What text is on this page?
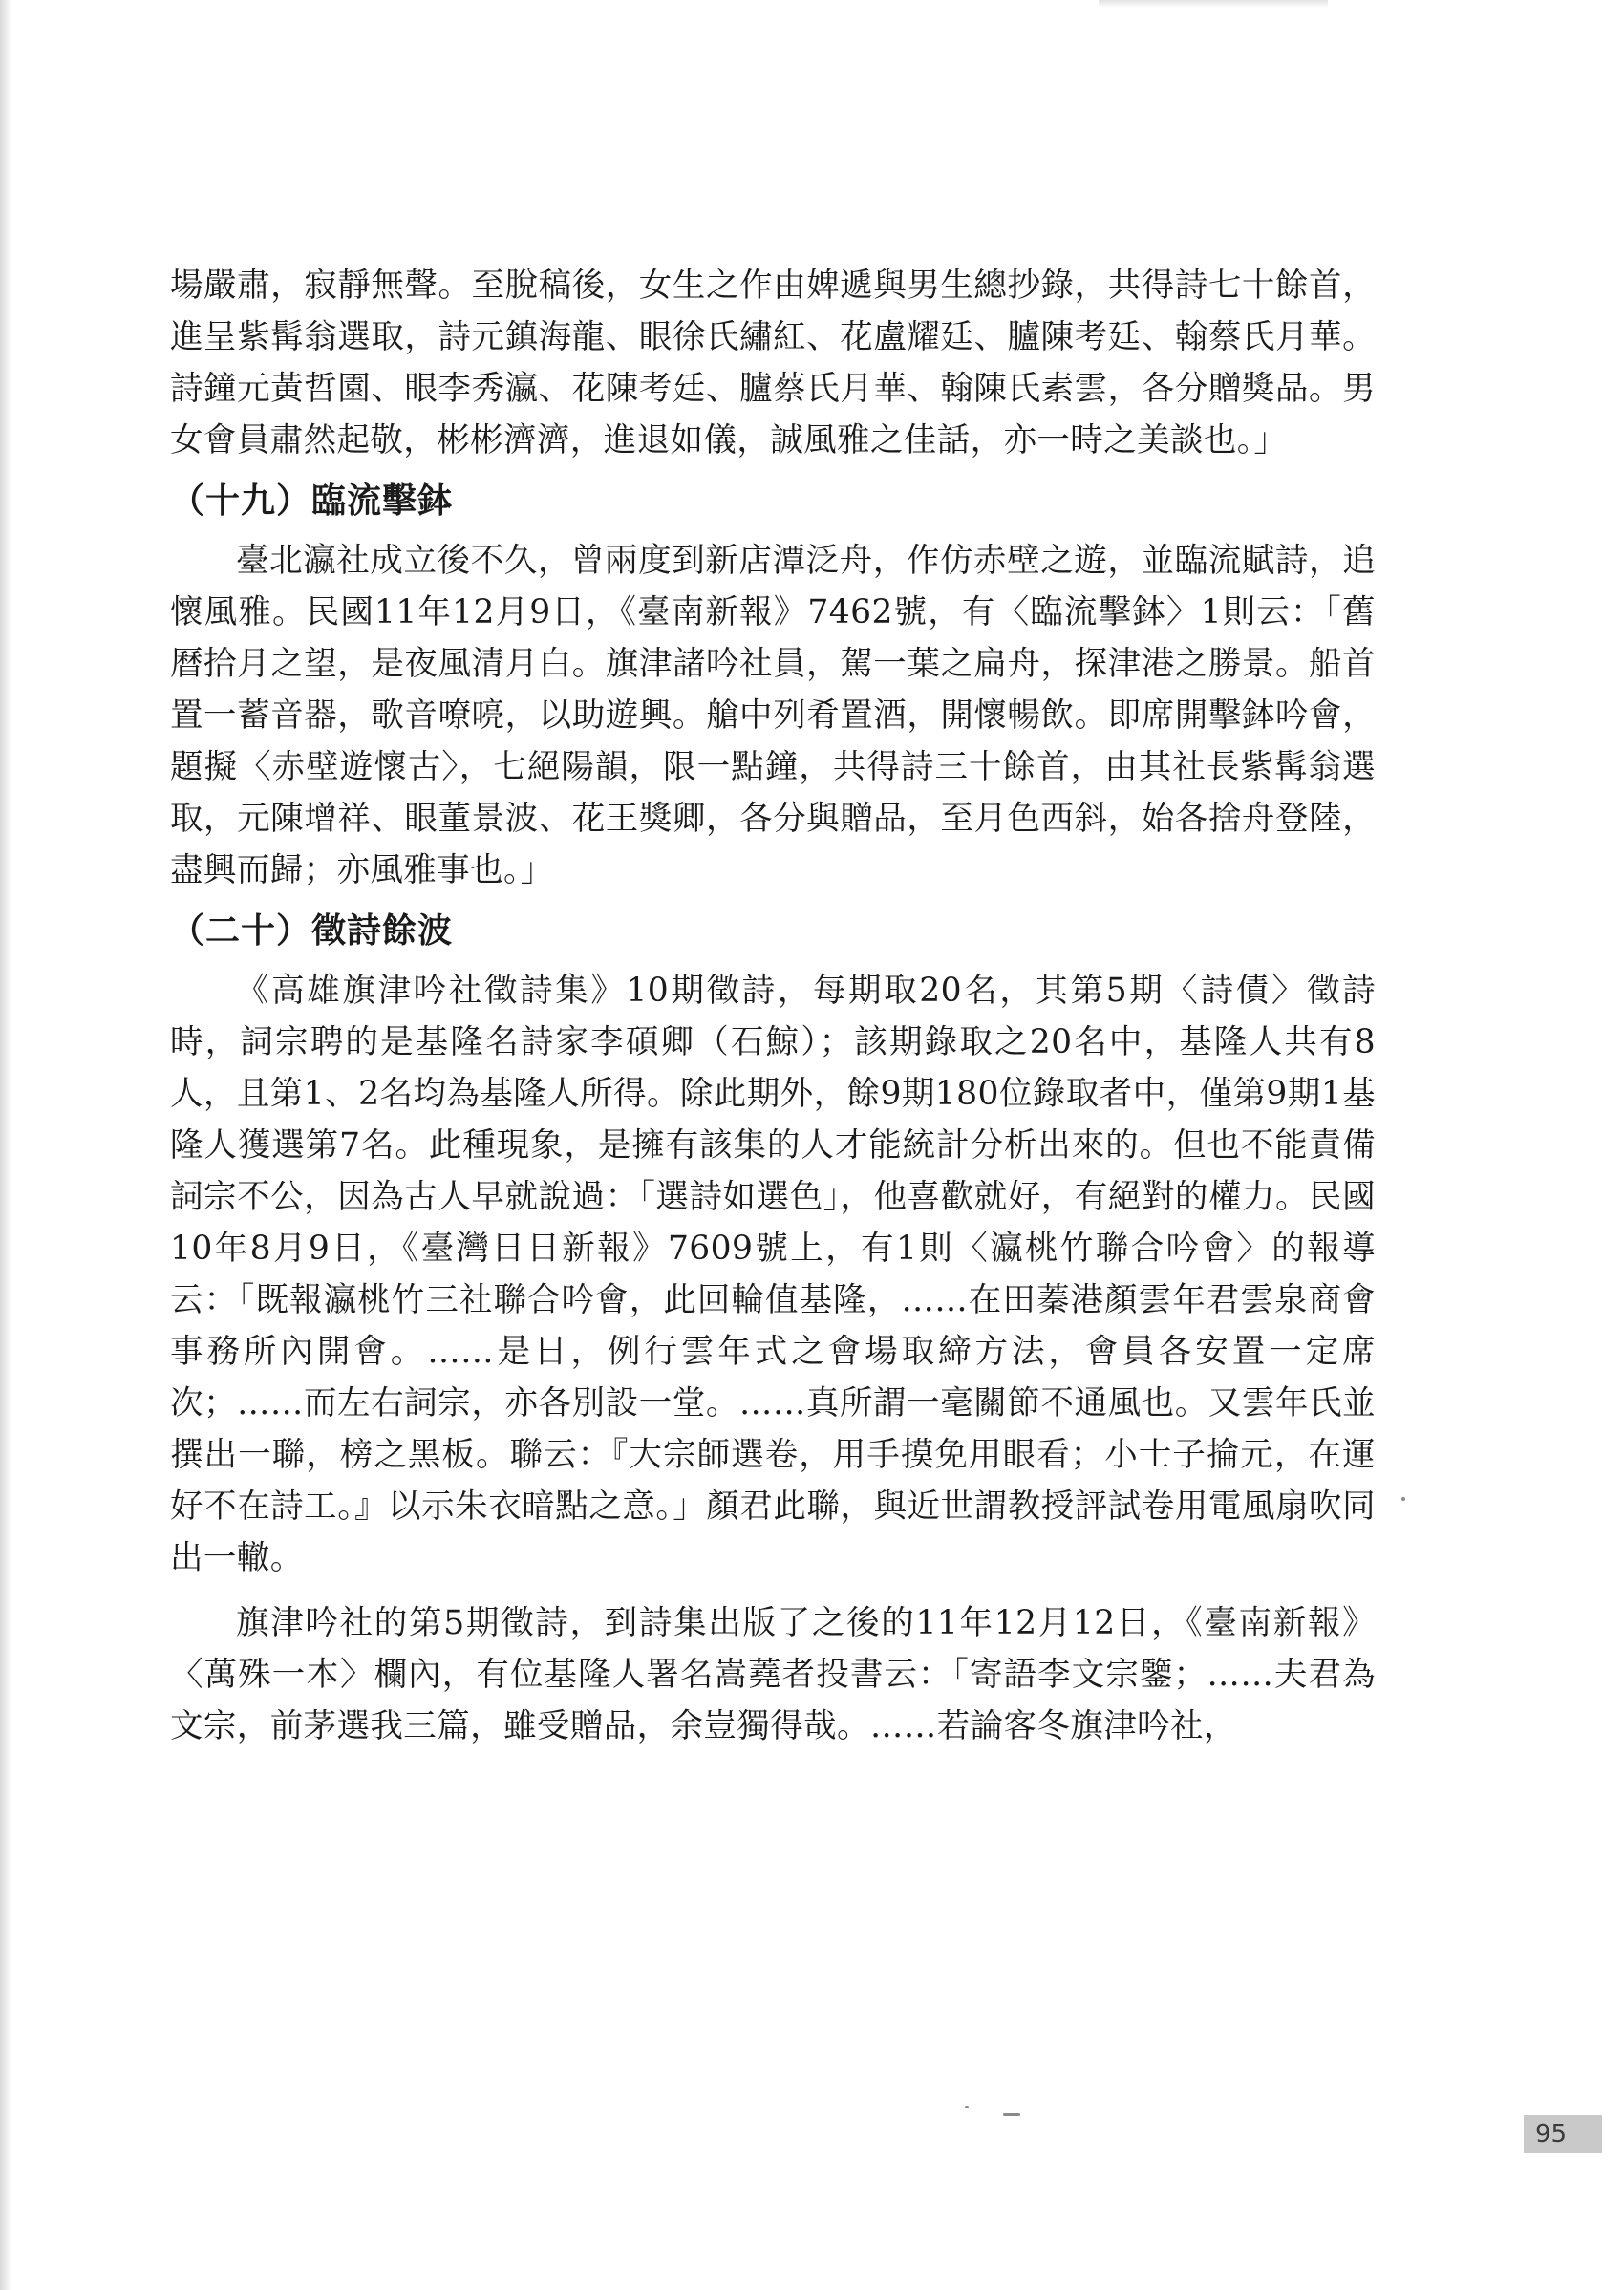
場嚴肅，寂靜無聲。至脫稿後，女生之作由婢遞與男生總抄錄，共得詩七十餘首，進呈紫髯翁選取，詩元鎮海龍、眼徐氏繡紅、花盧耀廷、臚陳考廷、翰蔡氏月華。詩鐘元黃哲園、眼李秀瀛、花陳考廷、臚蔡氏月華、翰陳氏素雲，各分贈獎品。男女會員肅然起敬，彬彬濟濟，進退如儀，誠風雅之佳話，亦一時之美談也。」

（十九）臨流擊鉢

臺北瀛社成立後不久，曾兩度到新店潭泛舟，作仿赤壁之遊，並臨流賦詩，追懷風雅。民國11年12月9日，《臺南新報》7462號，有〈臨流擊鉢〉1則云：「舊曆拾月之望，是夜風清月白。旗津諸吟社員，駕一葉之扁舟，探津港之勝景。船首置一蓄音器，歌音嘹喨，以助遊興。艙中列肴置酒，開懷暢飲。即席開擊鉢吟會，題擬〈赤壁遊懷古〉，七絕陽韻，限一點鐘，共得詩三十餘首，由其社長紫髯翁選取，元陳增祥、眼董景波、花王獎卿，各分與贈品，至月色西斜，始各捨舟登陸，盡興而歸；亦風雅事也。」

（二十）徵詩餘波

《高雄旗津吟社徵詩集》10期徵詩，每期取20名，其第5期〈詩債〉徵詩時，詞宗聘的是基隆名詩家李碩卿（石鯨）；該期錄取之20名中，基隆人共有8人，且第1、2名均為基隆人所得。除此期外，餘9期180位錄取者中，僅第9期1基隆人獲選第7名。此種現象，是擁有該集的人才能統計分析出來的。但也不能責備詞宗不公，因為古人早就說過：「選詩如選色」，他喜歡就好，有絕對的權力。民國10年8月9日，《臺灣日日新報》7609號上，有1則〈瀛桃竹聯合吟會〉的報導云：「既報瀛桃竹三社聯合吟會，此回輪值基隆，……在田蓁港顏雲年君雲泉商會事務所內開會。……是日，例行雲年式之會場取締方法，會員各安置一定席次；……而左右詞宗，亦各別設一堂。……真所謂一毫關節不通風也。又雲年氏並撰出一聯，榜之黑板。聯云：『大宗師選卷，用手摸免用眼看；小士子掄元，在運好不在詩工。』以示朱衣暗點之意。」顏君此聯，與近世謂教授評試卷用電風扇吹同出一轍。

旗津吟社的第5期徵詩，到詩集出版了之後的11年12月12日，《臺南新報》〈萬殊一本〉欄內，有位基隆人署名嵩蕘者投書云：「寄語李文宗鑒；……夫君為文宗，前茅選我三篇，雖受贈品，余豈獨得哉。……若論客冬旗津吟社，

95
